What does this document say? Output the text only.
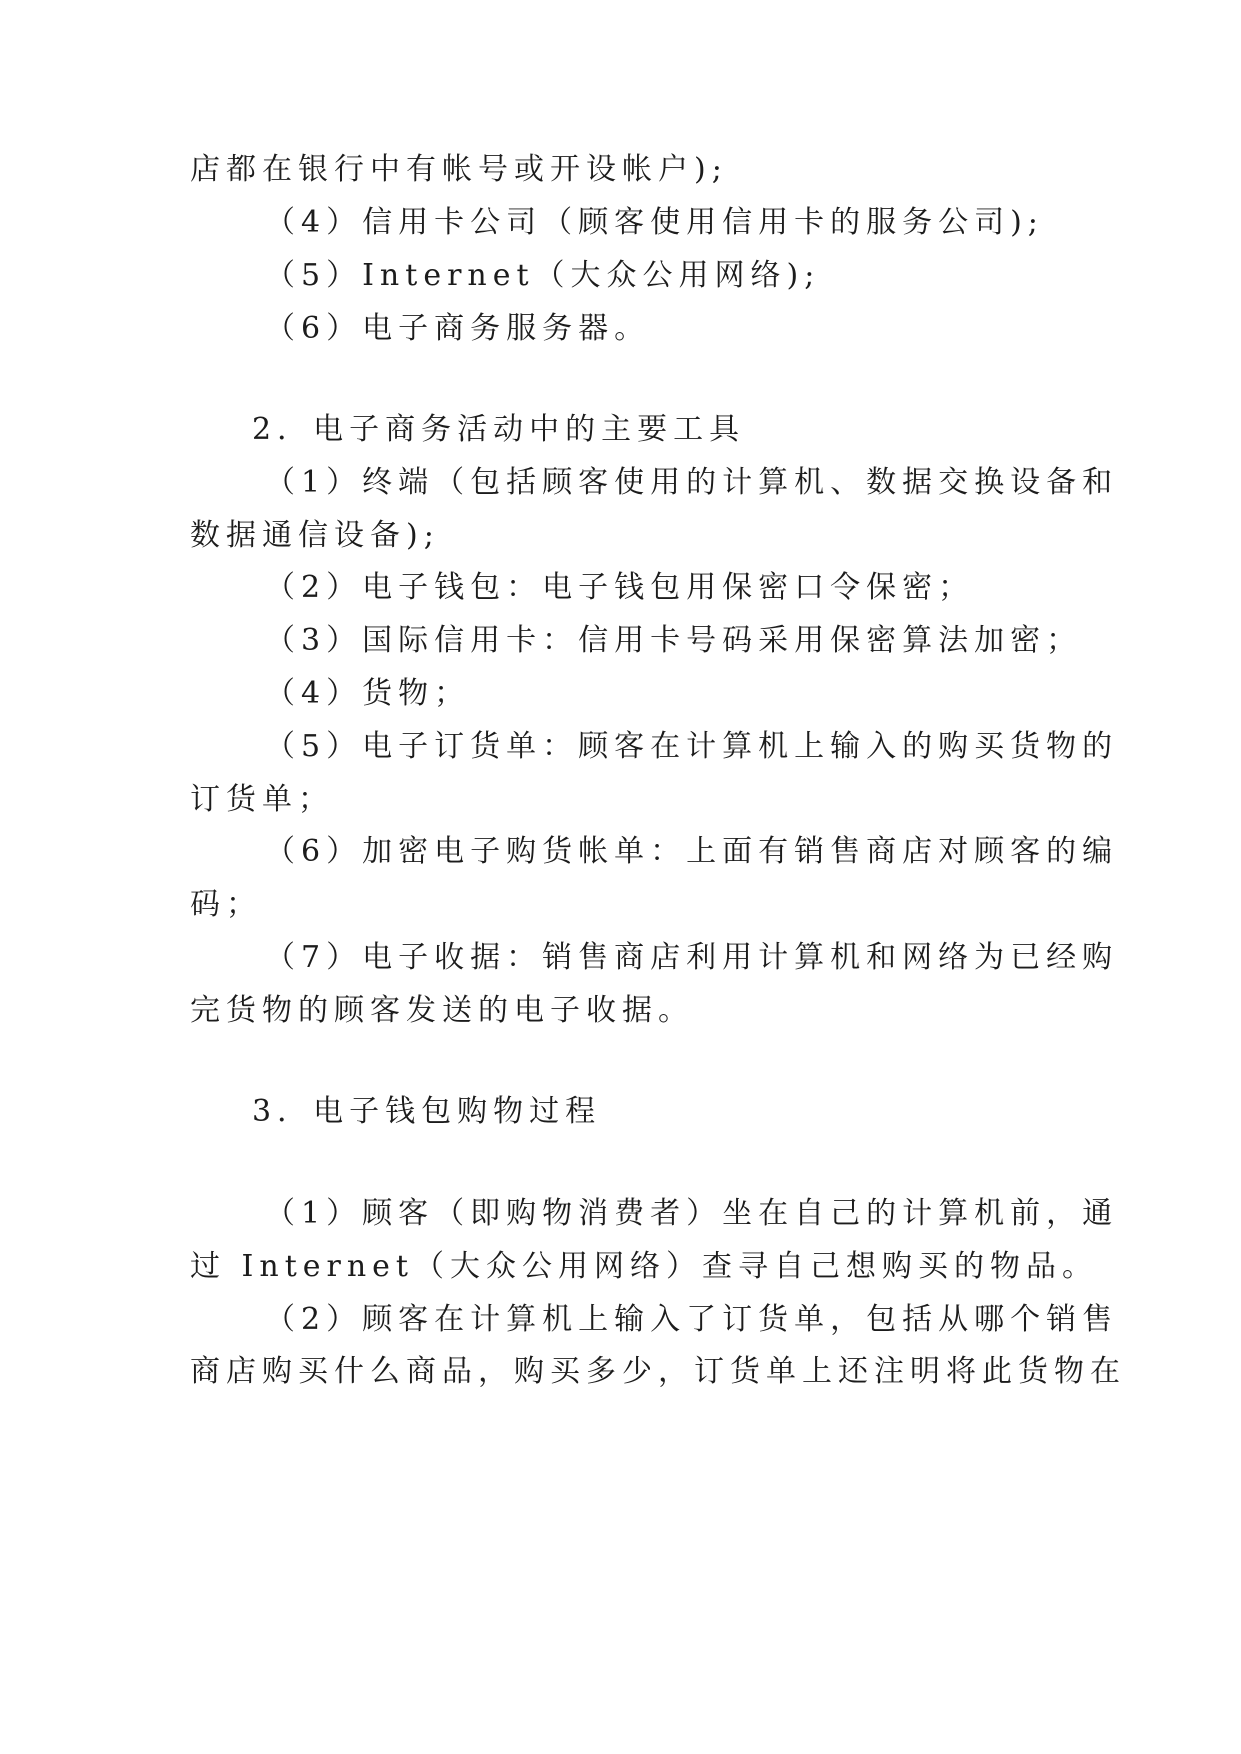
店都在银行中有帐号或开设帐户);
（4）信用卡公司（顾客使用信用卡的服务公司);
（5）Internet（大众公用网络);
（6）电子商务服务器。
2．电子商务活动中的主要工具
（1）终端（包括顾客使用的计算机、数据交换设备和
数据通信设备);
（2）电子钱包：电子钱包用保密口令保密；
（3）国际信用卡：信用卡号码采用保密算法加密；
（4）货物；
（5）电子订货单：顾客在计算机上输入的购买货物的
订货单；
（6）加密电子购货帐单：上面有销售商店对顾客的编
码；
（7）电子收据：销售商店利用计算机和网络为已经购
完货物的顾客发送的电子收据。
3．电子钱包购物过程
（1）顾客（即购物消费者）坐在自己的计算机前，通
过 Internet（大众公用网络）查寻自己想购买的物品。
（2）顾客在计算机上输入了订货单，包括从哪个销售
商店购买什么商品，购买多少，订货单上还注明将此货物在
